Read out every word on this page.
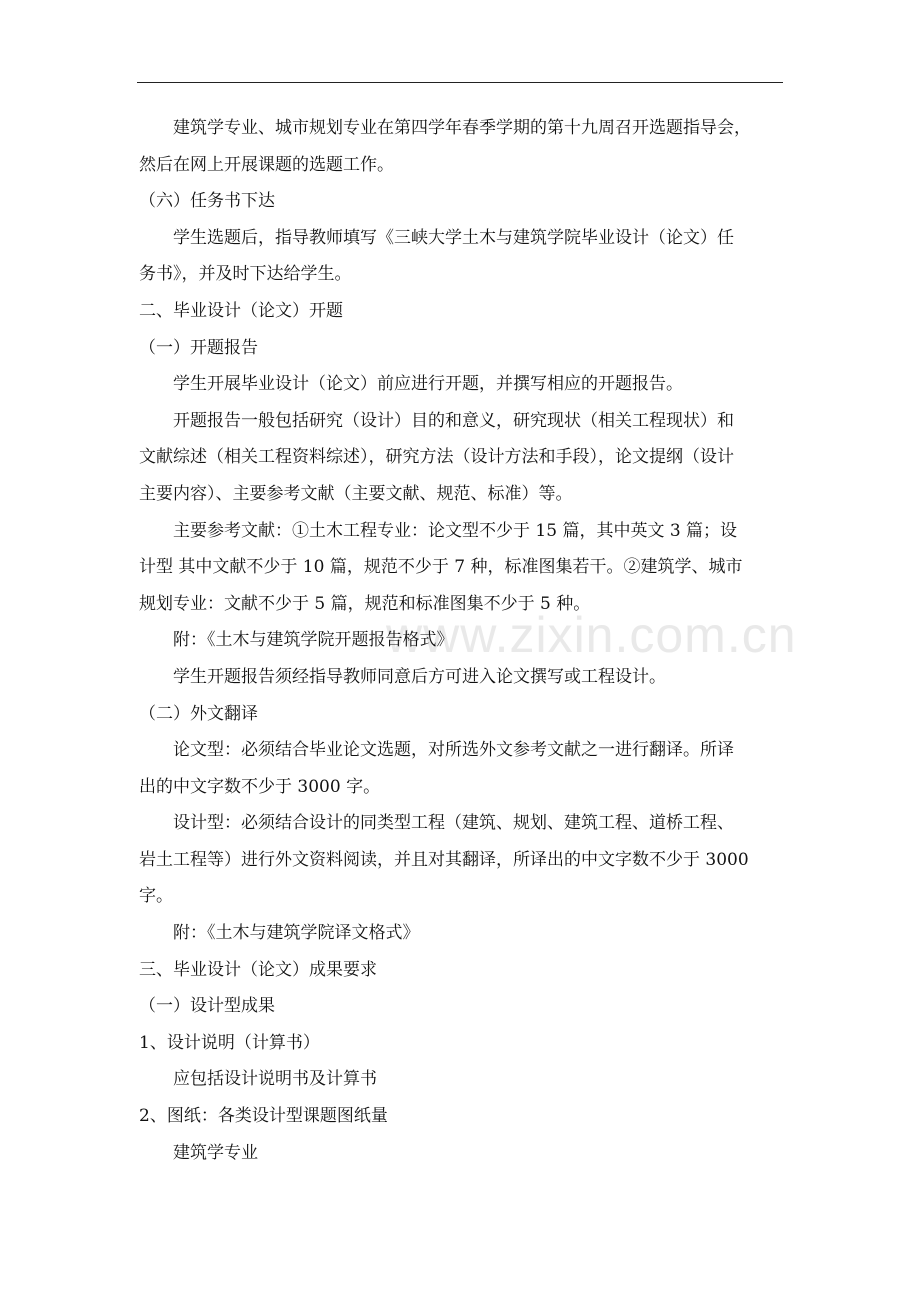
www.zixin.com.cn
建筑学专业、城市规划专业在第四学年春季学期的第十九周召开选题指导会，
然后在网上开展课题的选题工作。
（六）任务书下达
学生选题后，指导教师填写《三峡大学土木与建筑学院毕业设计（论文）任
务书》，并及时下达给学生。
二、毕业设计（论文）开题
（一）开题报告
学生开展毕业设计（论文）前应进行开题，并撰写相应的开题报告。
开题报告一般包括研究（设计）目的和意义，研究现状（相关工程现状）和
文献综述（相关工程资料综述），研究方法（设计方法和手段），论文提纲（设计
主要内容）、主要参考文献（主要文献、规范、标准）等。
主要参考文献：①土木工程专业：论文型不少于 15 篇，其中英文 3 篇；设
计型 其中文献不少于 10 篇，规范不少于 7 种，标准图集若干。②建筑学、城市
规划专业：文献不少于 5 篇，规范和标准图集不少于 5 种。
附：《土木与建筑学院开题报告格式》
学生开题报告须经指导教师同意后方可进入论文撰写或工程设计。
（二）外文翻译
论文型：必须结合毕业论文选题，对所选外文参考文献之一进行翻译。所译
出的中文字数不少于 3000 字。
设计型：必须结合设计的同类型工程（建筑、规划、建筑工程、道桥工程、
岩土工程等）进行外文资料阅读，并且对其翻译，所译出的中文字数不少于 3000
字。
附：《土木与建筑学院译文格式》
三、毕业设计（论文）成果要求
（一）设计型成果
1、设计说明（计算书）
应包括设计说明书及计算书
2、图纸：各类设计型课题图纸量
建筑学专业
